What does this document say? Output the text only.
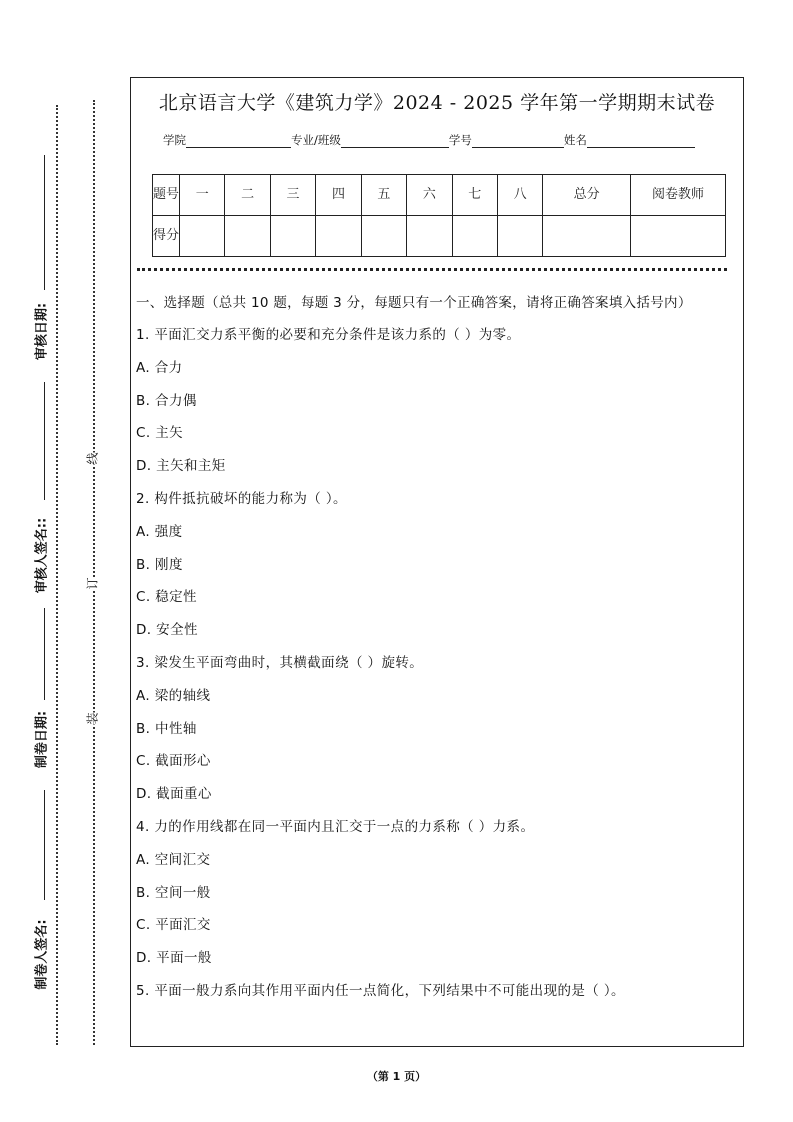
审核日期:
审核人签名::
制卷日期:
制卷人签名:
线
订
装
北京语言大学《建筑力学》2024 - 2025 学年第一学期期末试卷
学院	专业/班级	学号	姓名
题号	一	二	三	四	五	六	七	八	总分	阅卷教师
得分										
一、选择题（总共 10 题，每题 3 分，每题只有一个正确答案，请将正确答案填入括号内）
1. 平面汇交力系平衡的必要和充分条件是该力系的（ ）为零。
A. 合力
B. 合力偶
C. 主矢
D. 主矢和主矩
2. 构件抵抗破坏的能力称为（ ）。
A. 强度
B. 刚度
C. 稳定性
D. 安全性
3. 梁发生平面弯曲时，其横截面绕（ ）旋转。
A. 梁的轴线
B. 中性轴
C. 截面形心
D. 截面重心
4. 力的作用线都在同一平面内且汇交于一点的力系称（ ）力系。
A. 空间汇交
B. 空间一般
C. 平面汇交
D. 平面一般
5. 平面一般力系向其作用平面内任一点简化，下列结果中不可能出现的是（ ）。
（第 1 页）
